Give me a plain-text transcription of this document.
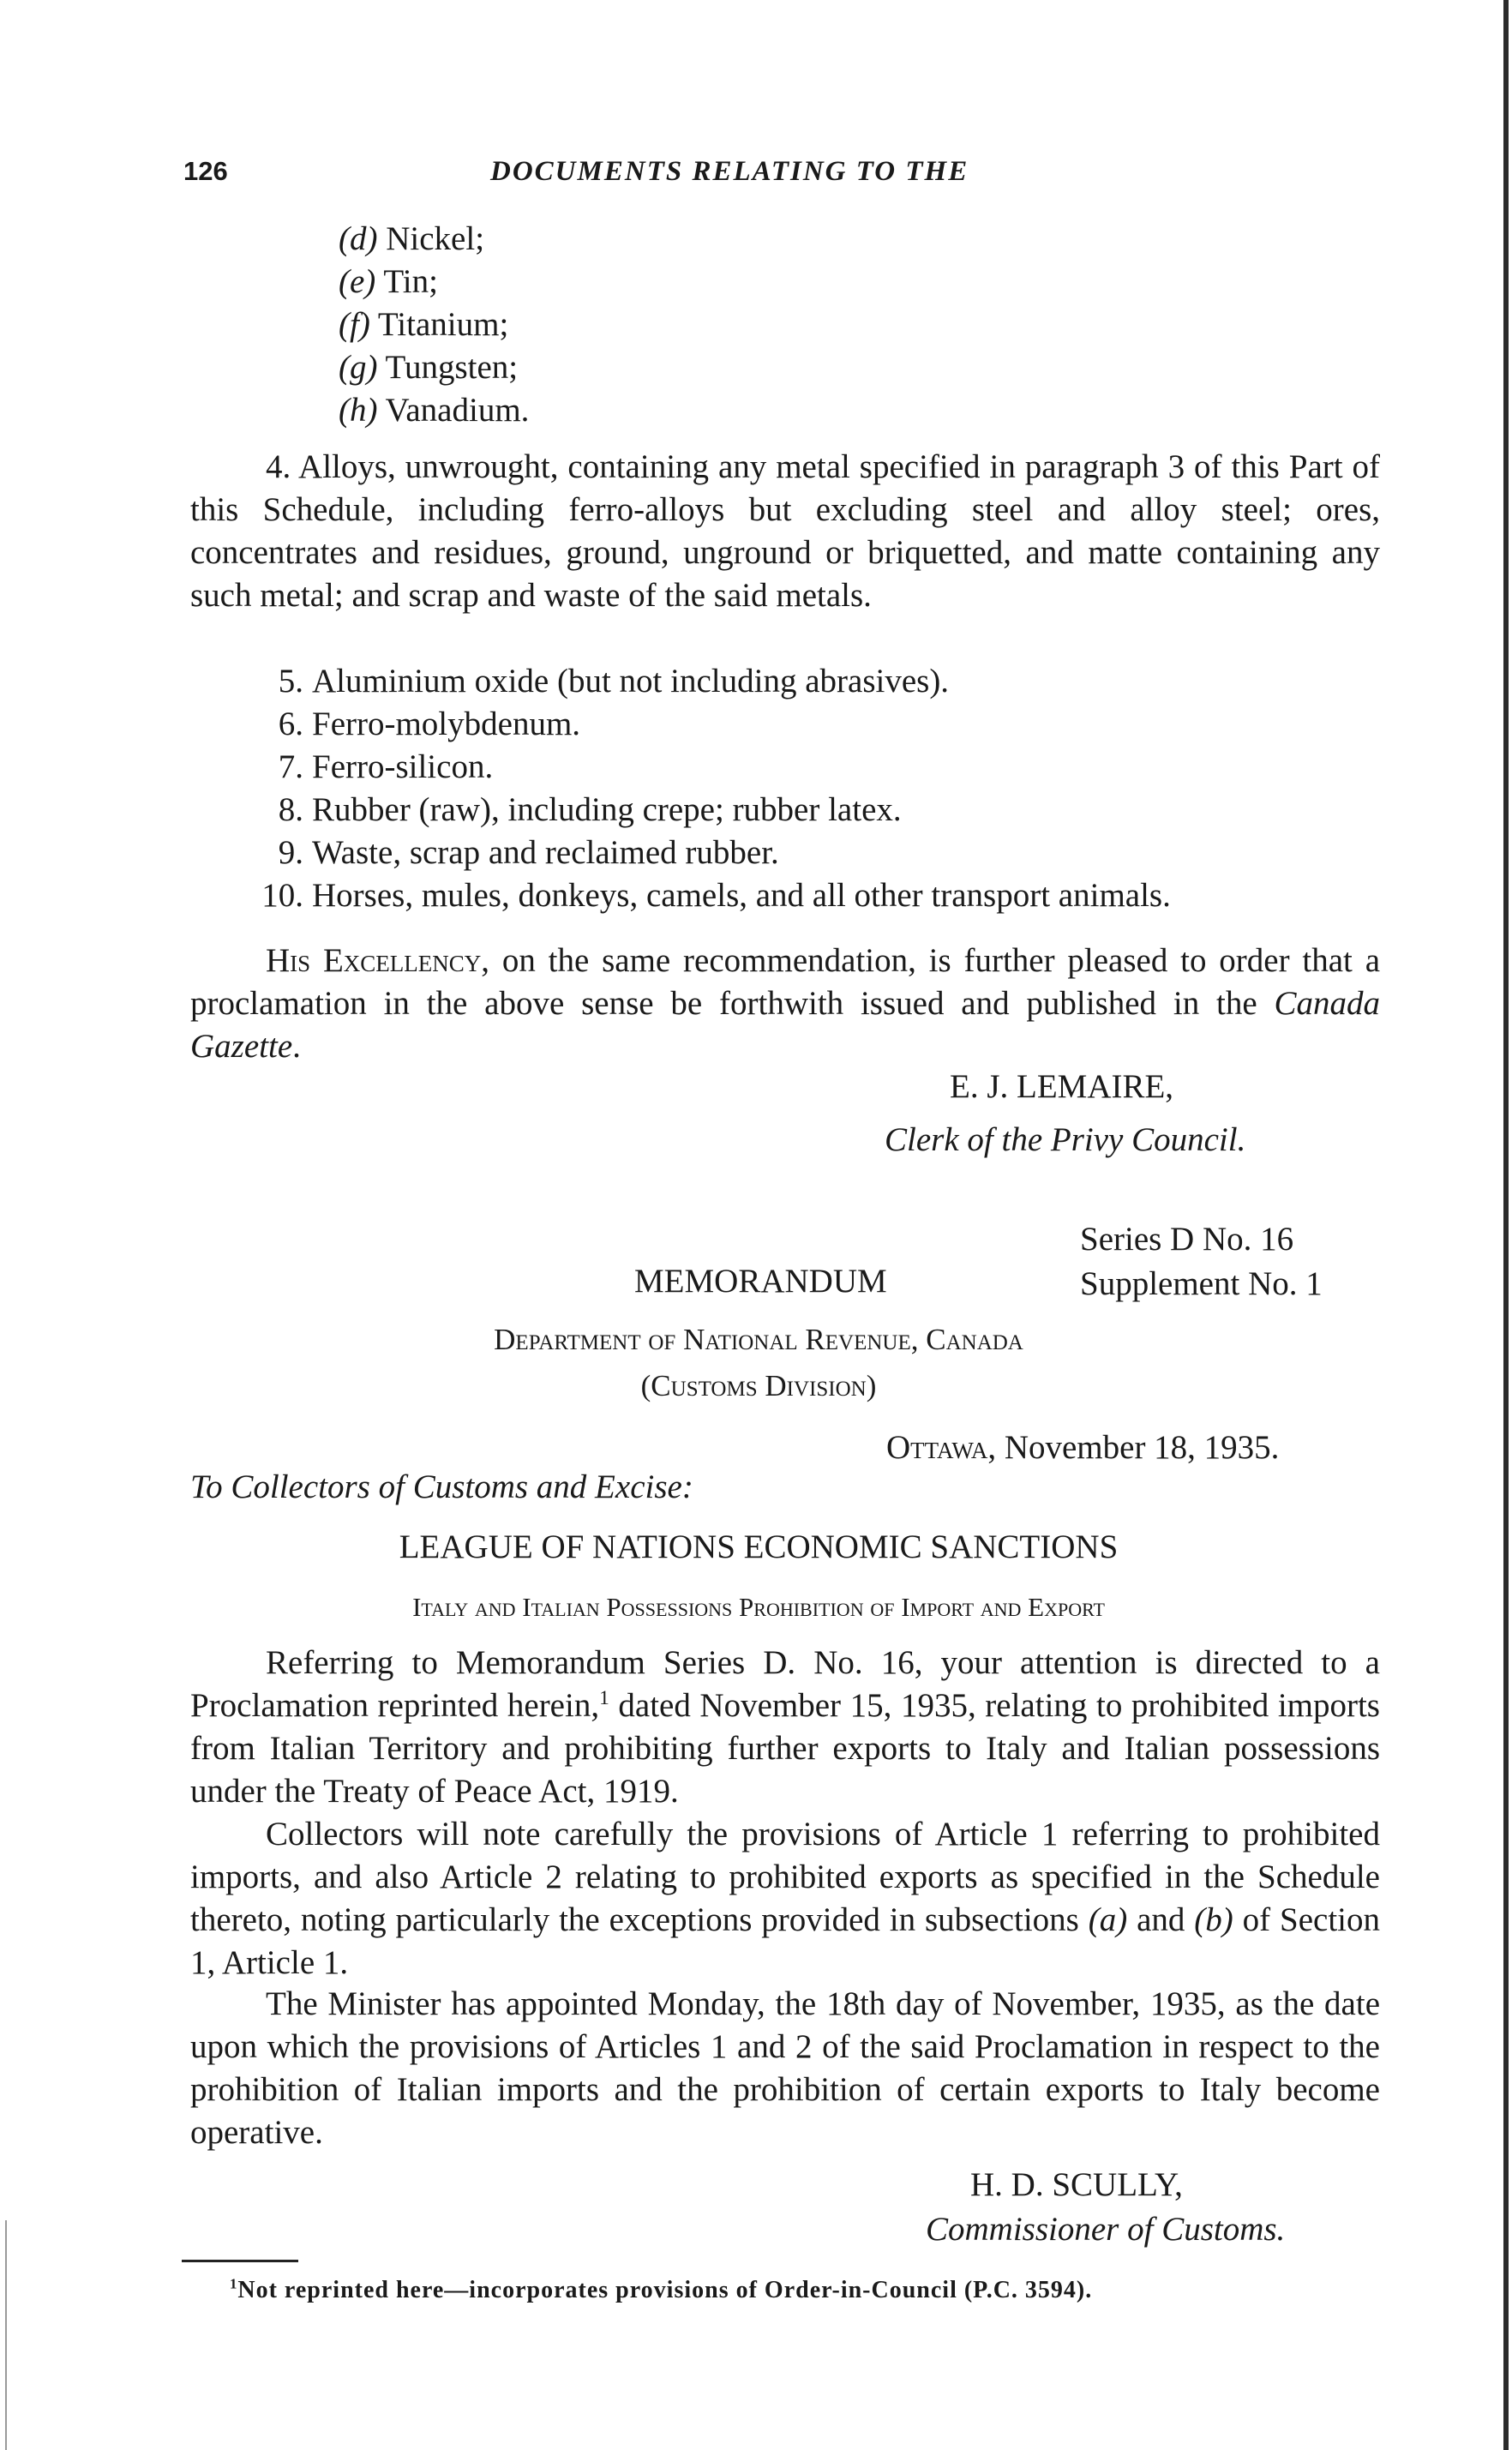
126	DOCUMENTS RELATING TO THE
(d) Nickel;
(e) Tin;
(f) Titanium;
(g) Tungsten;
(h) Vanadium.
4. Alloys, unwrought, containing any metal specified in paragraph 3 of this Part of this Schedule, including ferro-alloys but excluding steel and alloy steel; ores, concentrates and residues, ground, unground or briquetted, and matte containing any such metal; and scrap and waste of the said metals.
5. Aluminium oxide (but not including abrasives).
6. Ferro-molybdenum.
7. Ferro-silicon.
8. Rubber (raw), including crepe; rubber latex.
9. Waste, scrap and reclaimed rubber.
10. Horses, mules, donkeys, camels, and all other transport animals.
His Excellency, on the same recommendation, is further pleased to order that a proclamation in the above sense be forthwith issued and published in the Canada Gazette.
E. J. LEMAIRE,
Clerk of the Privy Council.
Series D No. 16
Supplement No. 1
MEMORANDUM
Department of National Revenue, Canada
(Customs Division)
Ottawa, November 18, 1935.
To Collectors of Customs and Excise:
LEAGUE OF NATIONS ECONOMIC SANCTIONS
Italy and Italian Possessions Prohibition of Import and Export
Referring to Memorandum Series D. No. 16, your attention is directed to a Proclamation reprinted herein,$^1$ dated November 15, 1935, relating to prohibited imports from Italian Territory and prohibiting further exports to Italy and Italian possessions under the Treaty of Peace Act, 1919.
Collectors will note carefully the provisions of Article 1 referring to prohibited imports, and also Article 2 relating to prohibited exports as specified in the Schedule thereto, noting particularly the exceptions provided in subsections (a) and (b) of Section 1, Article 1.
The Minister has appointed Monday, the 18th day of November, 1935, as the date upon which the provisions of Articles 1 and 2 of the said Proclamation in respect to the prohibition of Italian imports and the prohibition of certain exports to Italy become operative.
H. D. SCULLY,
Commissioner of Customs.
$^1$Not reprinted here—incorporates provisions of Order-in-Council (P.C. 3594).
